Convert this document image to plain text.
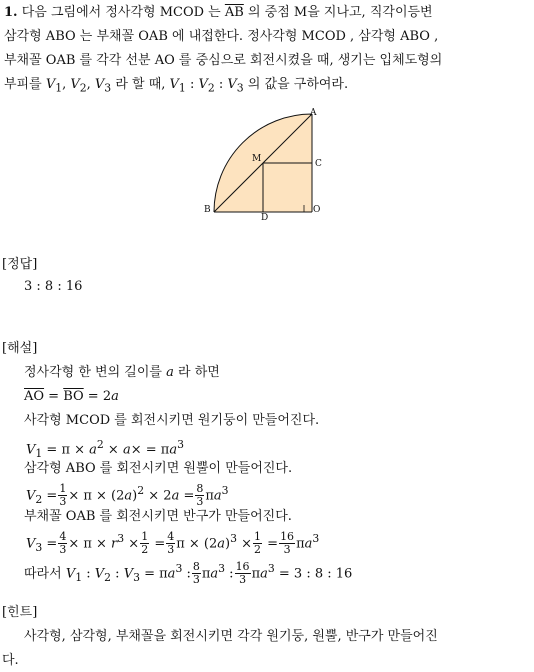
1. 다음 그림에서 정사각형 MCOD 는 $\overline{AB}$ 의 중점 M을 지나고, 직각이등변
삼각형 ABO 는 부채꼴 OAB 에 내접한다. 정사각형 MCOD , 삼각형 ABO ,
부채꼴 OAB 를 각각 선분 AO 를 중심으로 회전시켰을 때, 생기는 입체도형의
부피를 $V_1$, $V_2$, $V_3$ 라 할 때, $V_1$ : $V_2$ : $V_3$ 의 값을 구하여라.
A
B
C
D
M
O
[정답]
3 : 8 : 16
[해설]
정사각형 한 변의 길이를 a 라 하면
$\overline{AO} = \overline{BO} = 2a$
사각형 MCOD 를 회전시키면 원기둥이 만들어진다.
$V_1 = \pi \times a^2 \times a\times = \pi a^3$
삼각형 ABO 를 회전시키면 원뿔이 만들어진다.
$V_2 = \frac{1}{3} \times \pi \times (2a)^2 \times 2a = \frac{8}{3} \pi a^3$
부채꼴 OAB 를 회전시키면 반구가 만들어진다.
$V_3 = \frac{4}{3} \times \pi \times r^3 \times \frac{1}{2} = \frac{4}{3}$ $\pi \times (2a)^3 \times \frac{1}{2} = \frac{16}{3} \pi a^3$
따라서 $V_1$ : $V_2$ : $V_3 = \pi a^3$ : $\frac{8}{3} \pi a^3$ : $\frac{16}{3} \pi a^3 = 3$ : 8 : 16
[힌트]
사각형, 삼각형, 부채꼴을 회전시키면 각각 원기둥, 원뿔, 반구가 만들어진
다.
